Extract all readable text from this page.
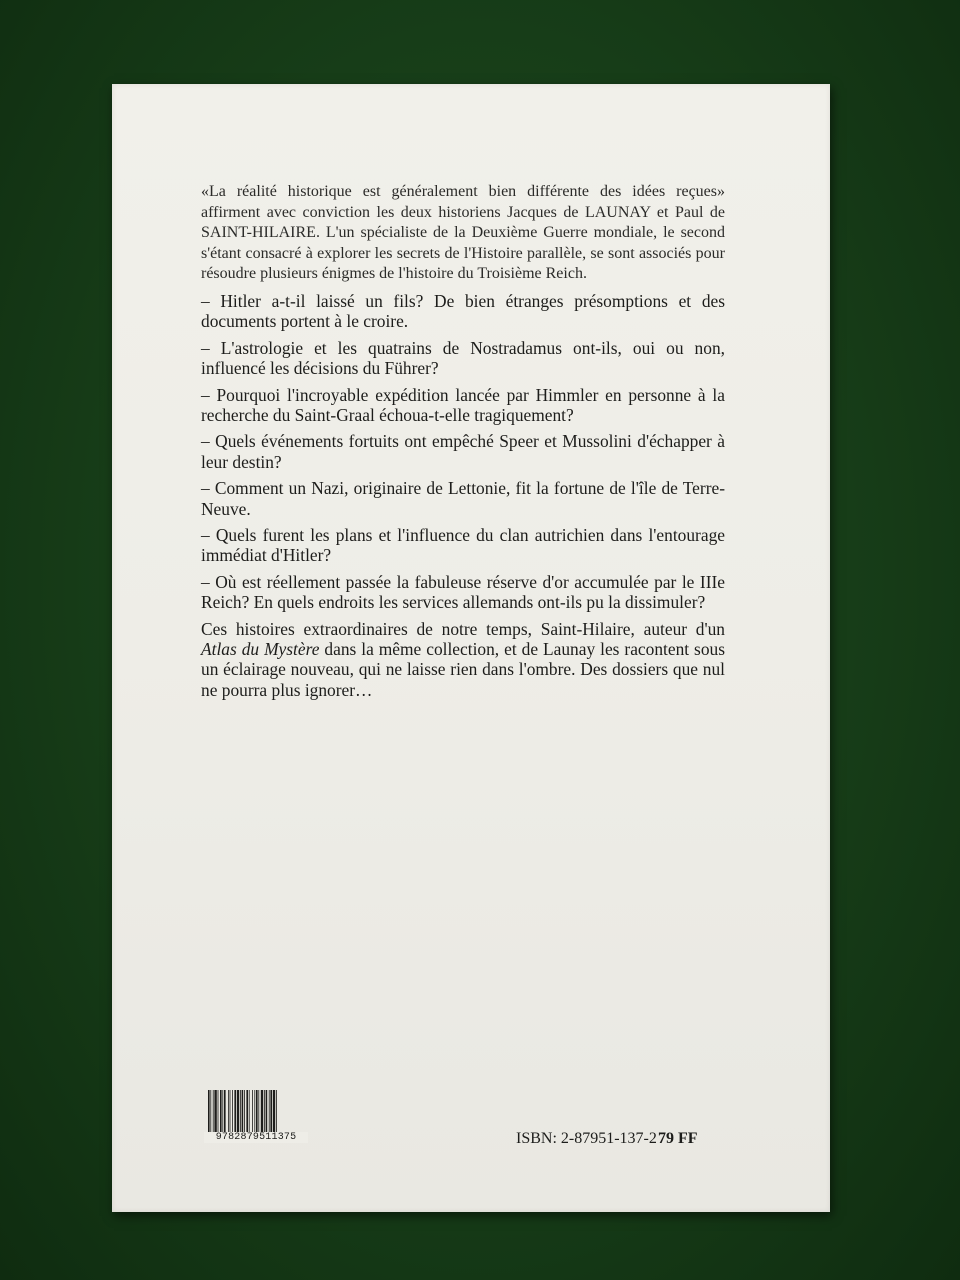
«La réalité historique est généralement bien différente des idées reçues» affirment avec conviction les deux historiens Jacques de LAUNAY et Paul de SAINT-HILAIRE. L'un spécialiste de la Deuxième Guerre mondiale, le second s'étant consacré à explorer les secrets de l'Histoire parallèle, se sont associés pour résoudre plusieurs énigmes de l'histoire du Troisième Reich.

– Hitler a-t-il laissé un fils? De bien étranges présomptions et des documents portent à le croire.

– L'astrologie et les quatrains de Nostradamus ont-ils, oui ou non, influencé les décisions du Führer?

– Pourquoi l'incroyable expédition lancée par Himmler en personne à la recherche du Saint-Graal échoua-t-elle tragiquement?

– Quels événements fortuits ont empêché Speer et Mussolini d'échapper à leur destin?

– Comment un Nazi, originaire de Lettonie, fit la fortune de l'île de Terre-Neuve.

– Quels furent les plans et l'influence du clan autrichien dans l'entourage immédiat d'Hitler?

– Où est réellement passée la fabuleuse réserve d'or accumulée par le IIIe Reich? En quels endroits les services allemands ont-ils pu la dissimuler?

Ces histoires extraordinaires de notre temps, Saint-Hilaire, auteur d'un Atlas du Mystère dans la même collection, et de Launay les racontent sous un éclairage nouveau, qui ne laisse rien dans l'ombre. Des dossiers que nul ne pourra plus ignorer…

9782879511375	ISBN: 2-87951-137-2 79 FF
